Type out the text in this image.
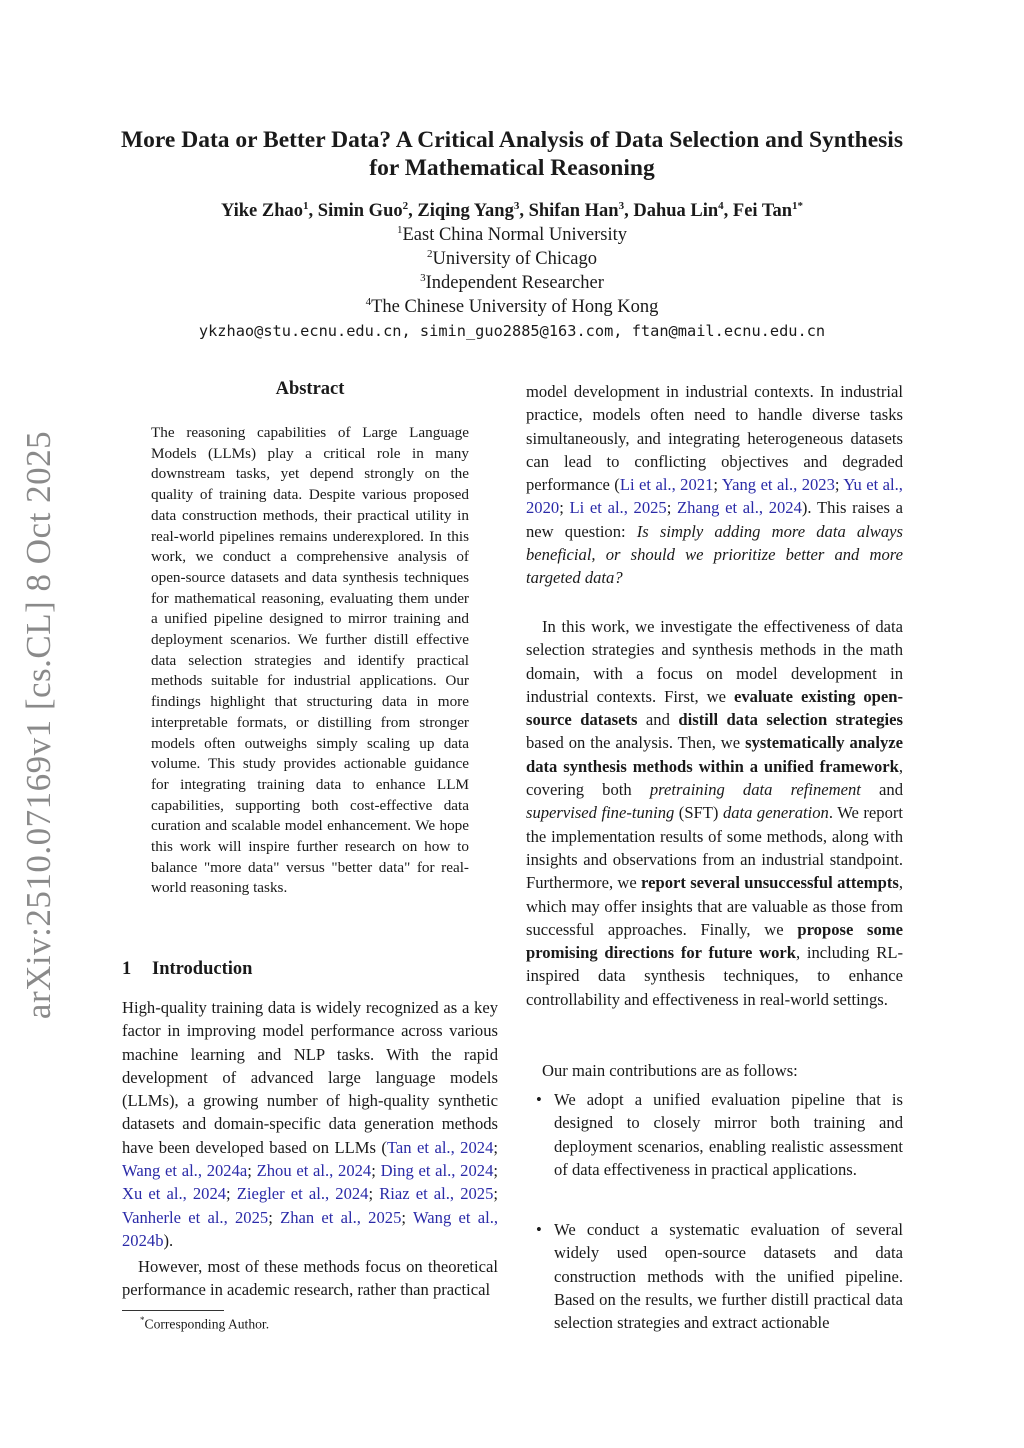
arXiv:2510.07169v1 [cs.CL] 8 Oct 2025
More Data or Better Data? A Critical Analysis of Data Selection and Synthesis for Mathematical Reasoning
Yike Zhao$^1$, Simin Guo$^2$, Ziqing Yang$^3$, Shifan Han$^3$, Dahua Lin$^4$, Fei Tan$^{1*}$
$^1$East China Normal University
$^2$University of Chicago
$^3$Independent Researcher
$^4$The Chinese University of Hong Kong
ykzhao@stu.ecnu.edu.cn, simin_guo2885@163.com, ftan@mail.ecnu.edu.cn
Abstract
The reasoning capabilities of Large Language Models (LLMs) play a critical role in many downstream tasks, yet depend strongly on the quality of training data. Despite various proposed data construction methods, their practical utility in real-world pipelines remains underexplored. In this work, we conduct a comprehensive analysis of open-source datasets and data synthesis techniques for mathematical reasoning, evaluating them under a unified pipeline designed to mirror training and deployment scenarios. We further distill effective data selection strategies and identify practical methods suitable for industrial applications. Our findings highlight that structuring data in more interpretable formats, or distilling from stronger models often outweighs simply scaling up data volume. This study provides actionable guidance for integrating training data to enhance LLM capabilities, supporting both cost-effective data curation and scalable model enhancement. We hope this work will inspire further research on how to balance "more data" versus "better data" for real-world reasoning tasks.
1 Introduction
High-quality training data is widely recognized as a key factor in improving model performance across various machine learning and NLP tasks. With the rapid development of advanced large language models (LLMs), a growing number of high-quality synthetic datasets and domain-specific data generation methods have been developed based on LLMs (Tan et al., 2024; Wang et al., 2024a; Zhou et al., 2024; Ding et al., 2024; Xu et al., 2024; Ziegler et al., 2024; Riaz et al., 2025; Vanherle et al., 2025; Zhan et al., 2025; Wang et al., 2024b).
However, most of these methods focus on theoretical performance in academic research, rather than practical
model development in industrial contexts. In industrial practice, models often need to handle diverse tasks simultaneously, and integrating heterogeneous datasets can lead to conflicting objectives and degraded performance (Li et al., 2021; Yang et al., 2023; Yu et al., 2020; Li et al., 2025; Zhang et al., 2024). This raises a new question: Is simply adding more data always beneficial, or should we prioritize better and more targeted data?
In this work, we investigate the effectiveness of data selection strategies and synthesis methods in the math domain, with a focus on model development in industrial contexts. First, we evaluate existing open-source datasets and distill data selection strategies based on the analysis. Then, we systematically analyze data synthesis methods within a unified framework, covering both pretraining data refinement and supervised fine-tuning (SFT) data generation. We report the implementation results of some methods, along with insights and observations from an industrial standpoint. Furthermore, we report several unsuccessful attempts, which may offer insights that are valuable as those from successful approaches. Finally, we propose some promising directions for future work, including RL-inspired data synthesis techniques, to enhance controllability and effectiveness in real-world settings.
Our main contributions are as follows:
• We adopt a unified evaluation pipeline that is designed to closely mirror both training and deployment scenarios, enabling realistic assessment of data effectiveness in practical applications.
• We conduct a systematic evaluation of several widely used open-source datasets and data construction methods with the unified pipeline. Based on the results, we further distill practical data selection strategies and extract actionable
*Corresponding Author.
